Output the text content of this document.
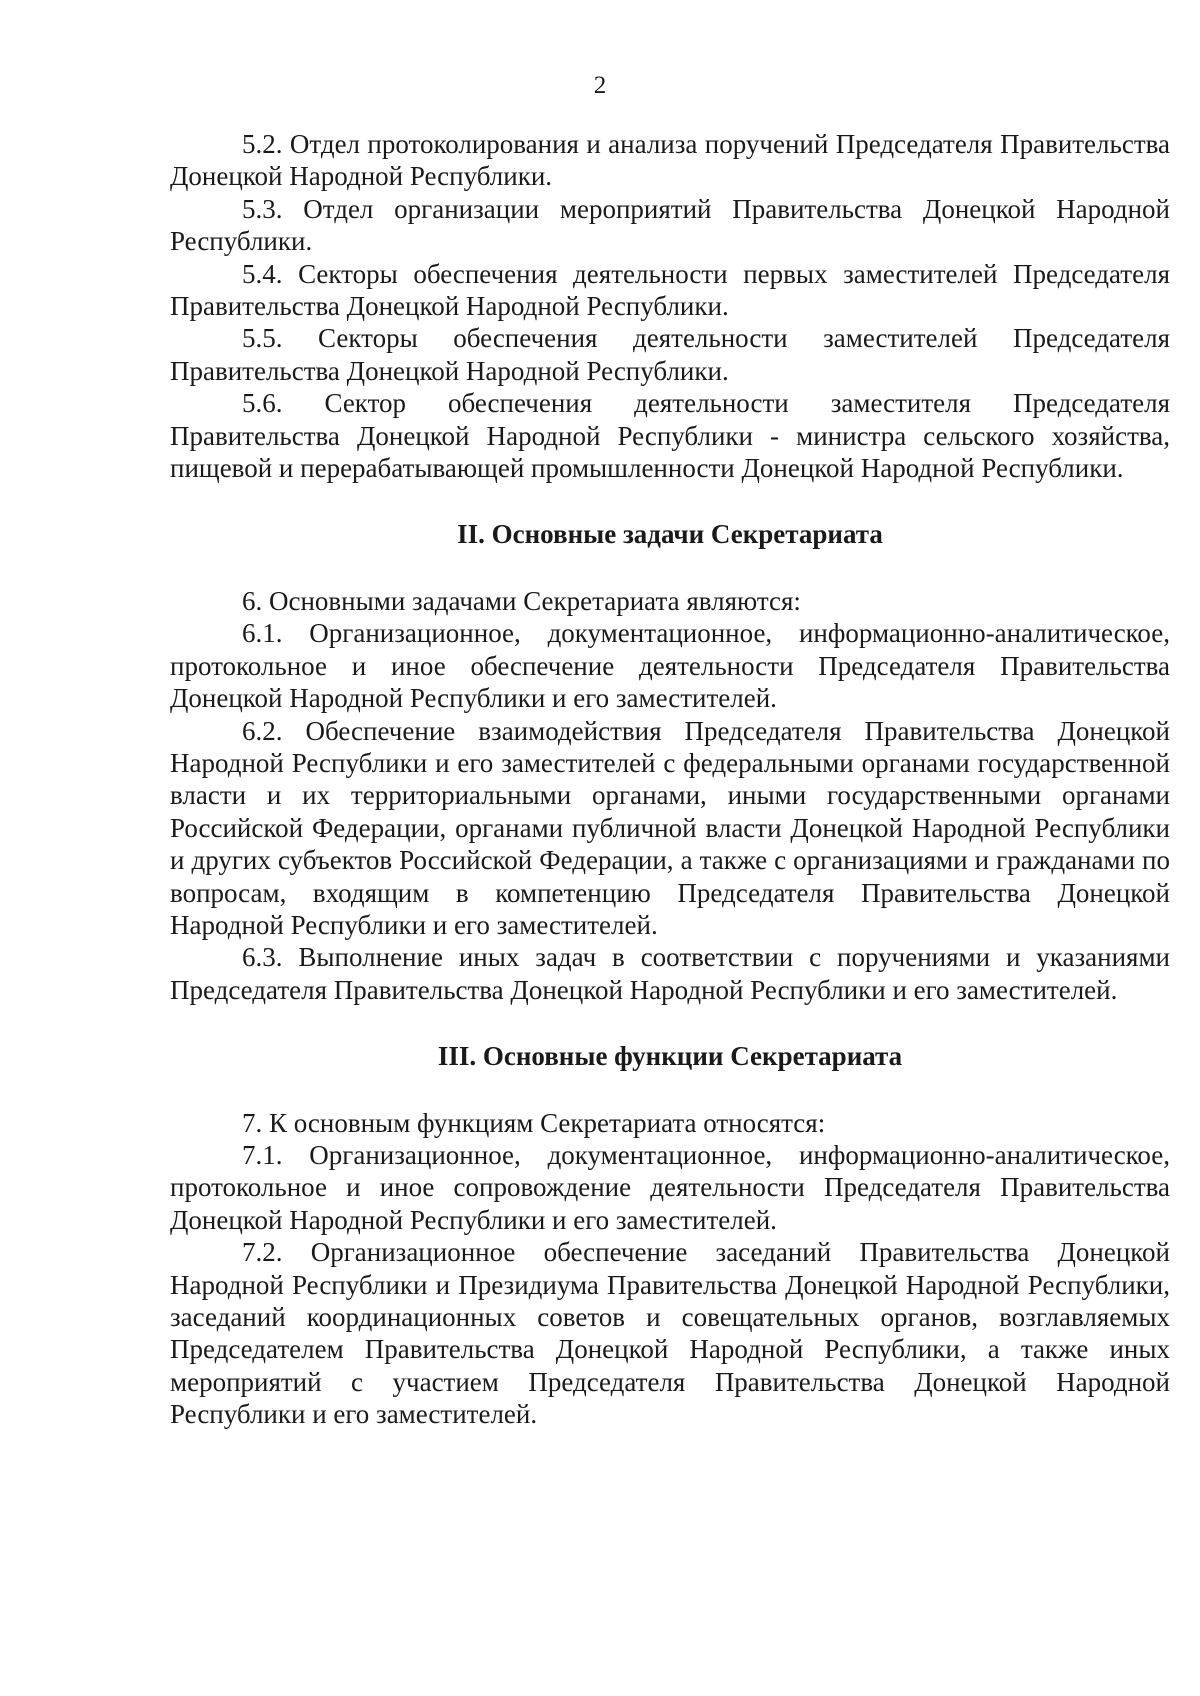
2

5.2. Отдел протоколирования и анализа поручений Председателя Правительства Донецкой Народной Республики.

5.3. Отдел организации мероприятий Правительства Донецкой Народной Республики.

5.4. Секторы обеспечения деятельности первых заместителей Председателя Правительства Донецкой Народной Республики.

5.5. Секторы обеспечения деятельности заместителей Председателя Правительства Донецкой Народной Республики.

5.6. Сектор обеспечения деятельности заместителя Председателя Правительства Донецкой Народной Республики - министра сельского хозяйства, пищевой и перерабатывающей промышленности Донецкой Народной Республики.

II. Основные задачи Секретариата

6. Основными задачами Секретариата являются:

6.1. Организационное, документационное, информационно-аналитическое, протокольное и иное обеспечение деятельности Председателя Правительства Донецкой Народной Республики и его заместителей.

6.2. Обеспечение взаимодействия Председателя Правительства Донецкой Народной Республики и его заместителей с федеральными органами государственной власти и их территориальными органами, иными государственными органами Российской Федерации, органами публичной власти Донецкой Народной Республики и других субъектов Российской Федерации, а также с организациями и гражданами по вопросам, входящим в компетенцию Председателя Правительства Донецкой Народной Республики и его заместителей.

6.3. Выполнение иных задач в соответствии с поручениями и указаниями Председателя Правительства Донецкой Народной Республики и его заместителей.

III. Основные функции Секретариата

7. К основным функциям Секретариата относятся:

7.1. Организационное, документационное, информационно-аналитическое, протокольное и иное сопровождение деятельности Председателя Правительства Донецкой Народной Республики и его заместителей.

7.2. Организационное обеспечение заседаний Правительства Донецкой Народной Республики и Президиума Правительства Донецкой Народной Республики, заседаний координационных советов и совещательных органов, возглавляемых Председателем Правительства Донецкой Народной Республики, а также иных мероприятий с участием Председателя Правительства Донецкой Народной Республики и его заместителей.
